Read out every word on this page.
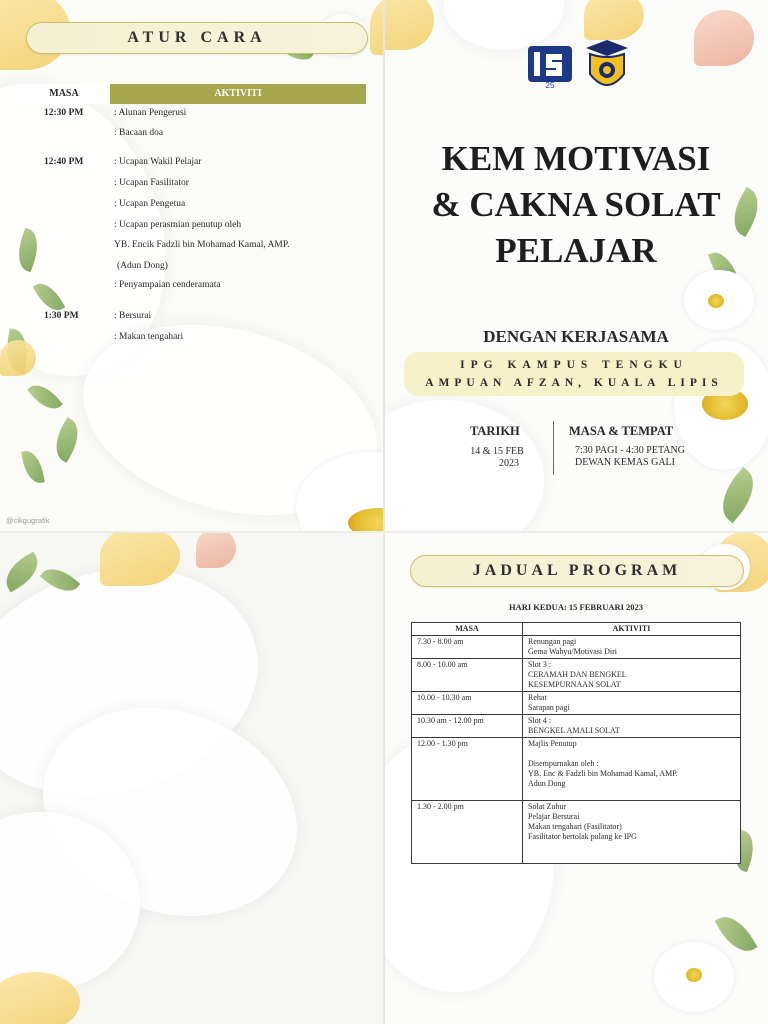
ATUR CARA
MASA	AKTIVITI
12:30 PM	: Alunan Pengerusi
: Bacaan doa
12:40 PM	: Ucapan Wakil Pelajar
: Ucapan Fasilitator
: Ucapan Pengetua
: Ucapan perasmian penutup oleh
YB. Encik Fadzli bin Mohamad Kamal, AMP.
(Adun Dong)
: Penyampaian cenderamata
1:30 PM	: Bersurai
: Makan tengahari
@cikgugrafik
25
KEM MOTIVASI
& CAKNA SOLAT
PELAJAR
DENGAN KERJASAMA
IPG KAMPUS TENGKU
AMPUAN AFZAN, KUALA LIPIS
TARIKH
14 & 15 FEB
2023
MASA & TEMPAT
7:30 PAGI - 4:30 PETANG
DEWAN KEMAS GALI
JADUAL PROGRAM
HARI KEDUA: 15 FEBRUARI 2023
MASA	AKTIVITI
7.30 - 8.00 am	Renungan pagi
Gema Wahyu/Motivasi Diri

8.00 - 10.00 am	Slot 3 :
CERAMAH DAN BENGKEL
KESEMPURNAAN SOLAT

10.00 - 10.30 am	Rehat
Sarapan pagi

10.30 am - 12.00 pm	Slot 4 :
BENGKEL AMALI SOLAT

12.00 - 1.30 pm	Majlis Penutup
Disempurnakan oleh :
YB. Enc & Fadzli bin Mohamad Kamal, AMP.
Adun Dong

1.30 - 2.00 pm	Solat Zuhur
Pelajar Bersurai
Makan tengahari (Fasilitator)
Fasilitator bertolak pulang ke IPG
